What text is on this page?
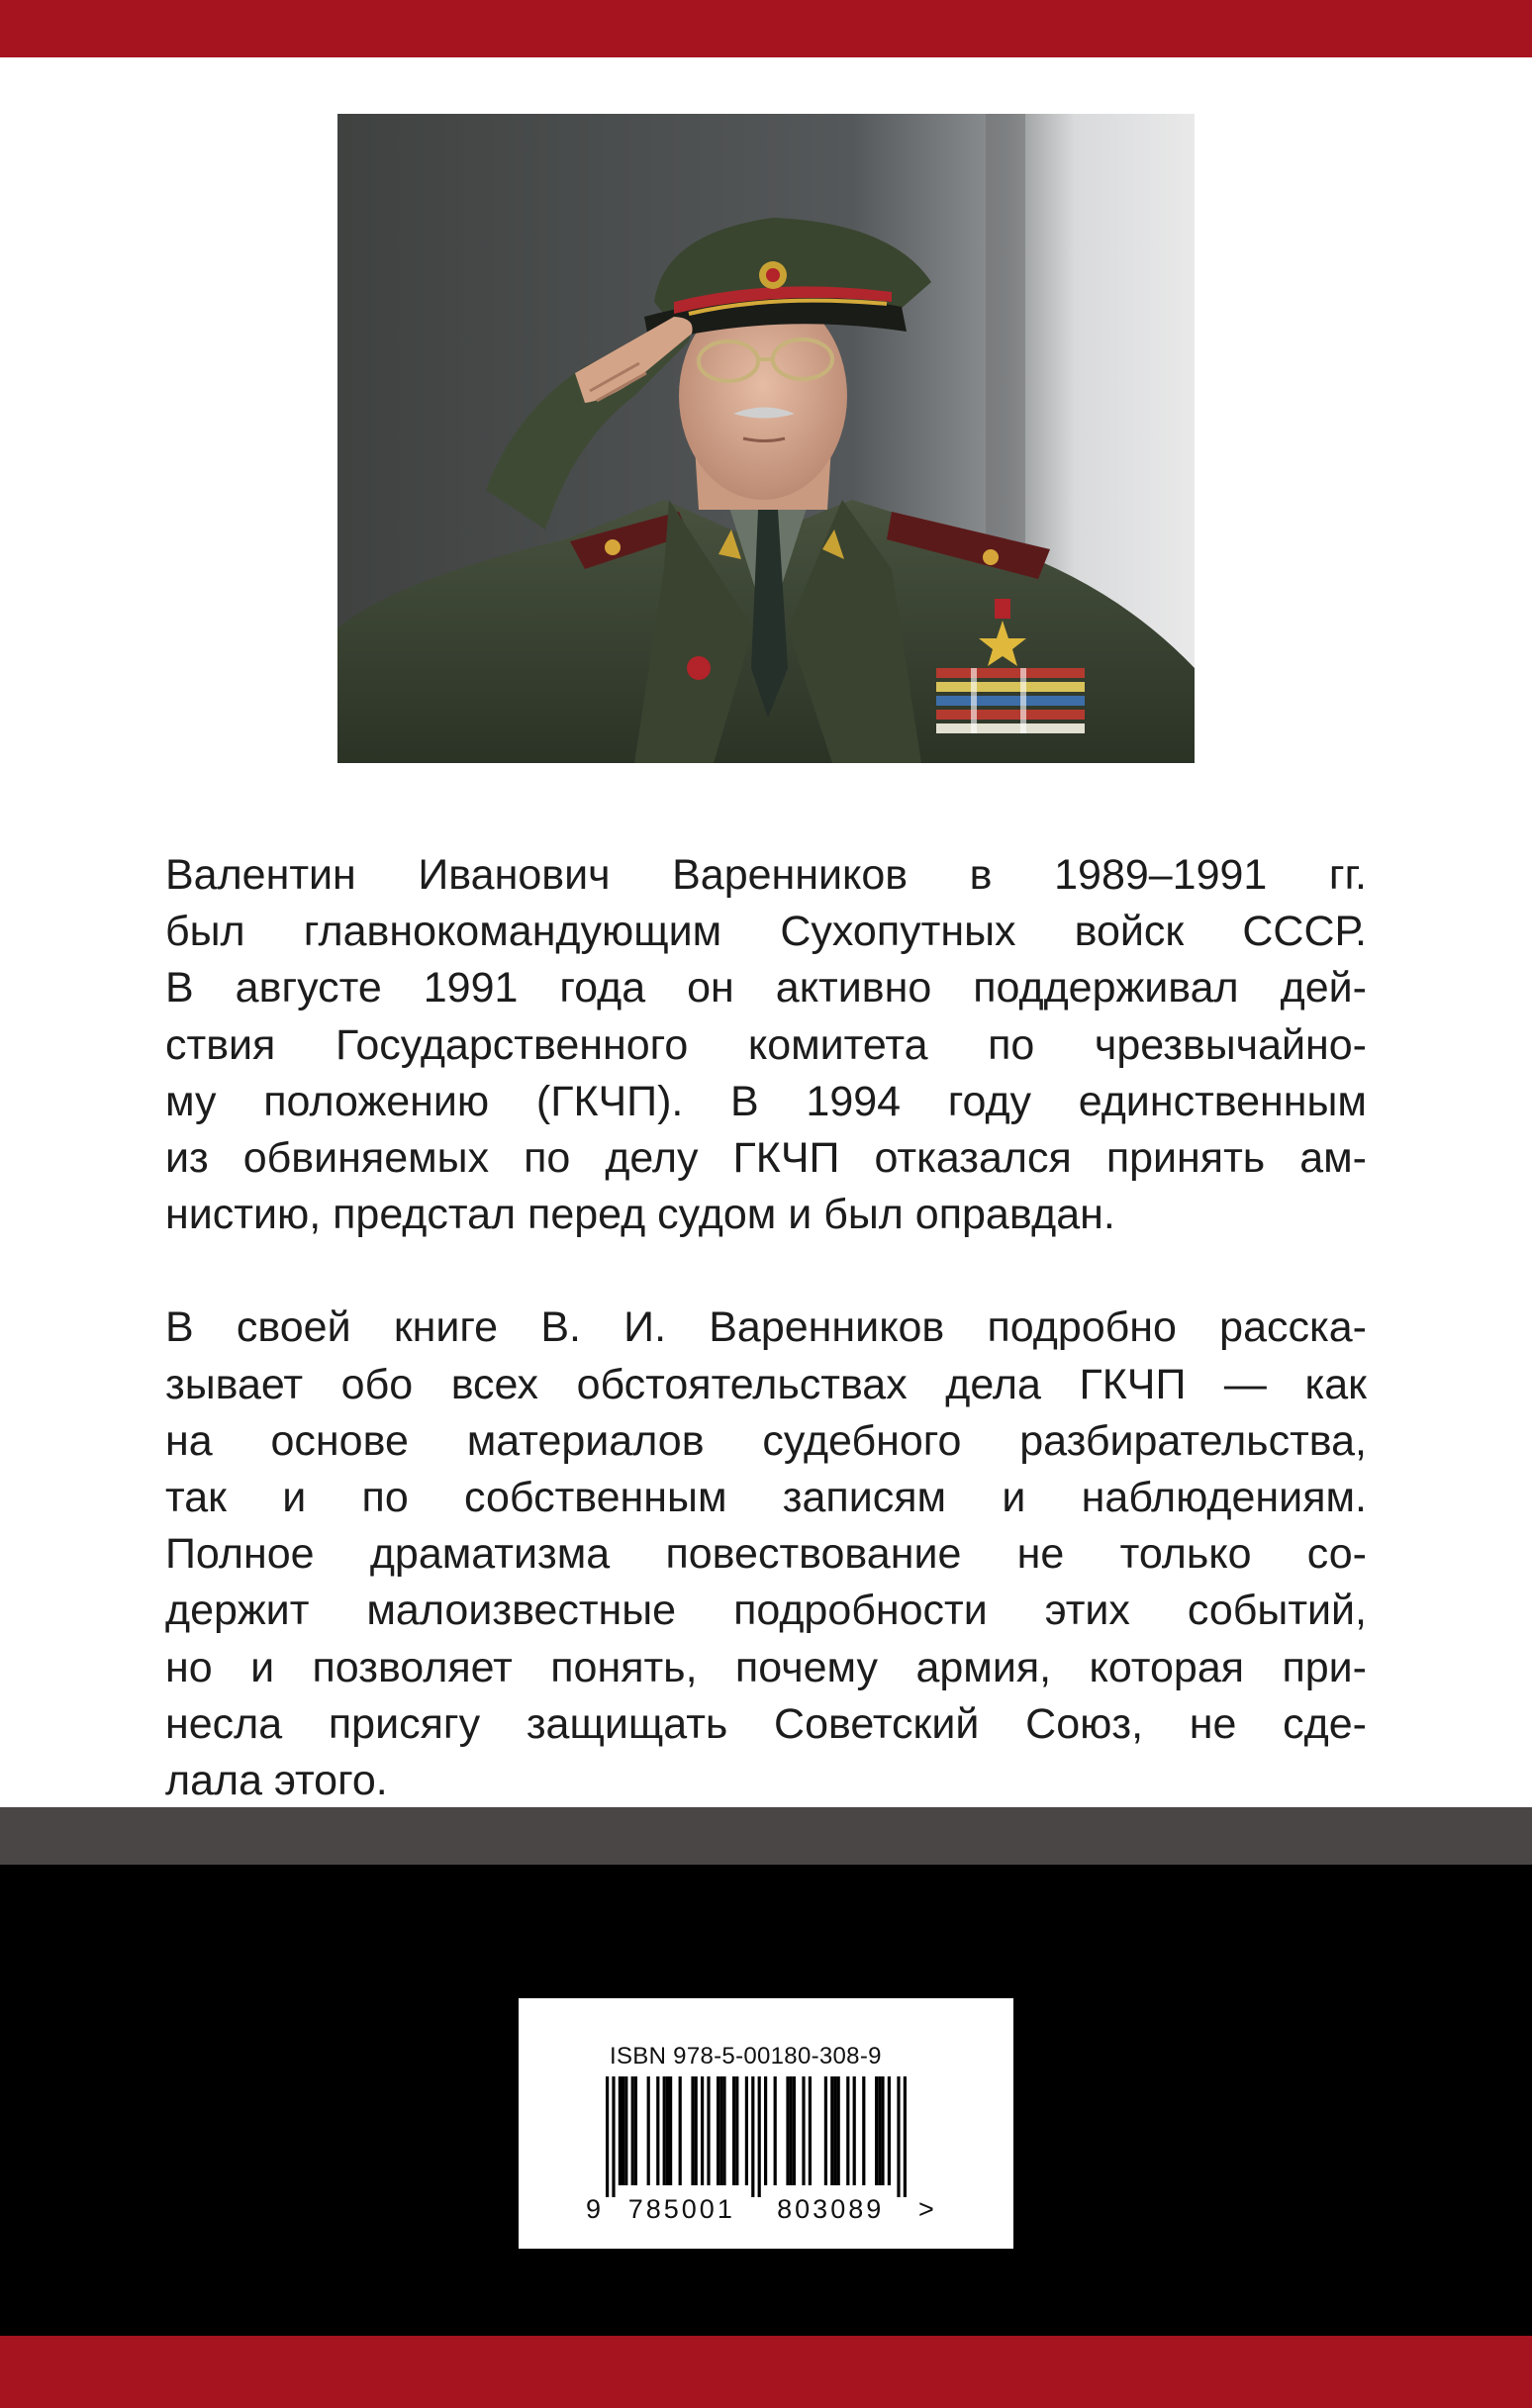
Валентин Иванович Варенников в 1989–1991 гг.
был главнокомандующим Сухопутных войск СССР.
В августе 1991 года он активно поддерживал дей-
ствия Государственного комитета по чрезвычайно-
му положению (ГКЧП). В 1994 году единственным
из обвиняемых по делу ГКЧП отказался принять ам-
нистию, предстал перед судом и был оправдан.

В своей книге В. И. Варенников подробно расска-
зывает обо всех обстоятельствах дела ГКЧП — как
на основе материалов судебного разбирательства,
так и по собственным записям и наблюдениям.
Полное драматизма повествование не только со-
держит малоизвестные подробности этих событий,
но и позволяет понять, почему армия, которая при-
несла присягу защищать Советский Союз, не сде-
лала этого.

ISBN 978-5-00180-308-9
9 785001 803089 >
